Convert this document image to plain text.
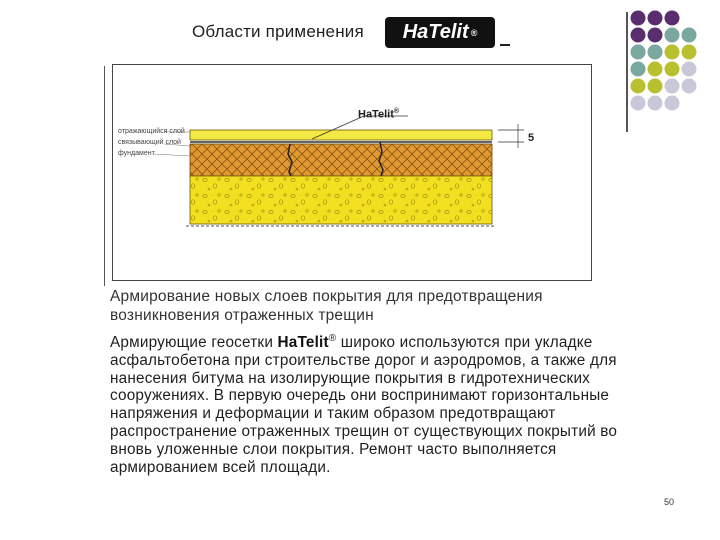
Области применения HaTelit ®
отражающийся слой
связывающий слой
фундамент
HaTelit®
5
Армирование новых слоев покрытия для предотвращения возникновения отраженных трещин
Армирующие геосетки HaTelit® широко используются при укладке асфальтобетона при строительстве дорог и аэродромов, а также для нанесения битума на изолирующие покрытия в гидротехнических сооружениях. В первую очередь они воспринимают горизонтальные напряжения и деформации и таким образом предотвращают распространение отраженных трещин от существующих покрытий во вновь уложенные слои покрытия. Ремонт часто выполняется армированием всей площади.
50
